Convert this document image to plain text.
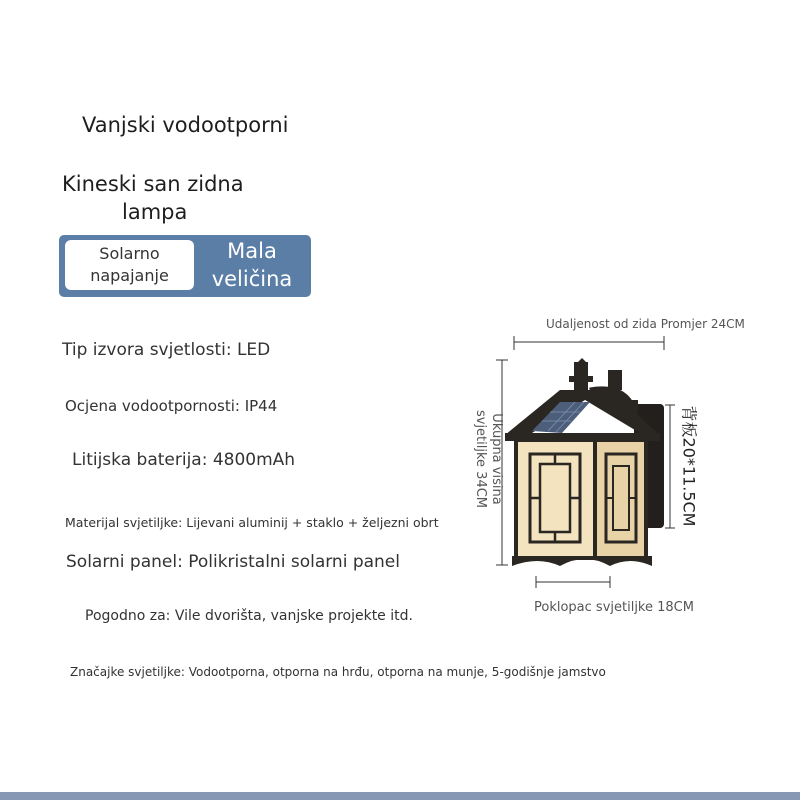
Vanjski vodootporni
Kineski san zidna
lampa
Solarno
napajanje
Mala
veličina
Tip izvora svjetlosti: LED
Ocjena vodootpornosti: IP44
Litijska baterija: 4800mAh
Materijal svjetiljke: Lijevani aluminij + staklo + željezni obrt
Solarni panel: Polikristalni solarni panel
Pogodno za: Vile dvorišta, vanjske projekte itd.
Značajke svjetiljke: Vodootporna, otporna na hrđu, otporna na munje, 5-godišnje jamstvo
Udaljenost od zida Promjer 24CM
Ukupna visina
svjetiljke 34CM	背板20*11.5CM
Poklopac svjetiljke 18CM
